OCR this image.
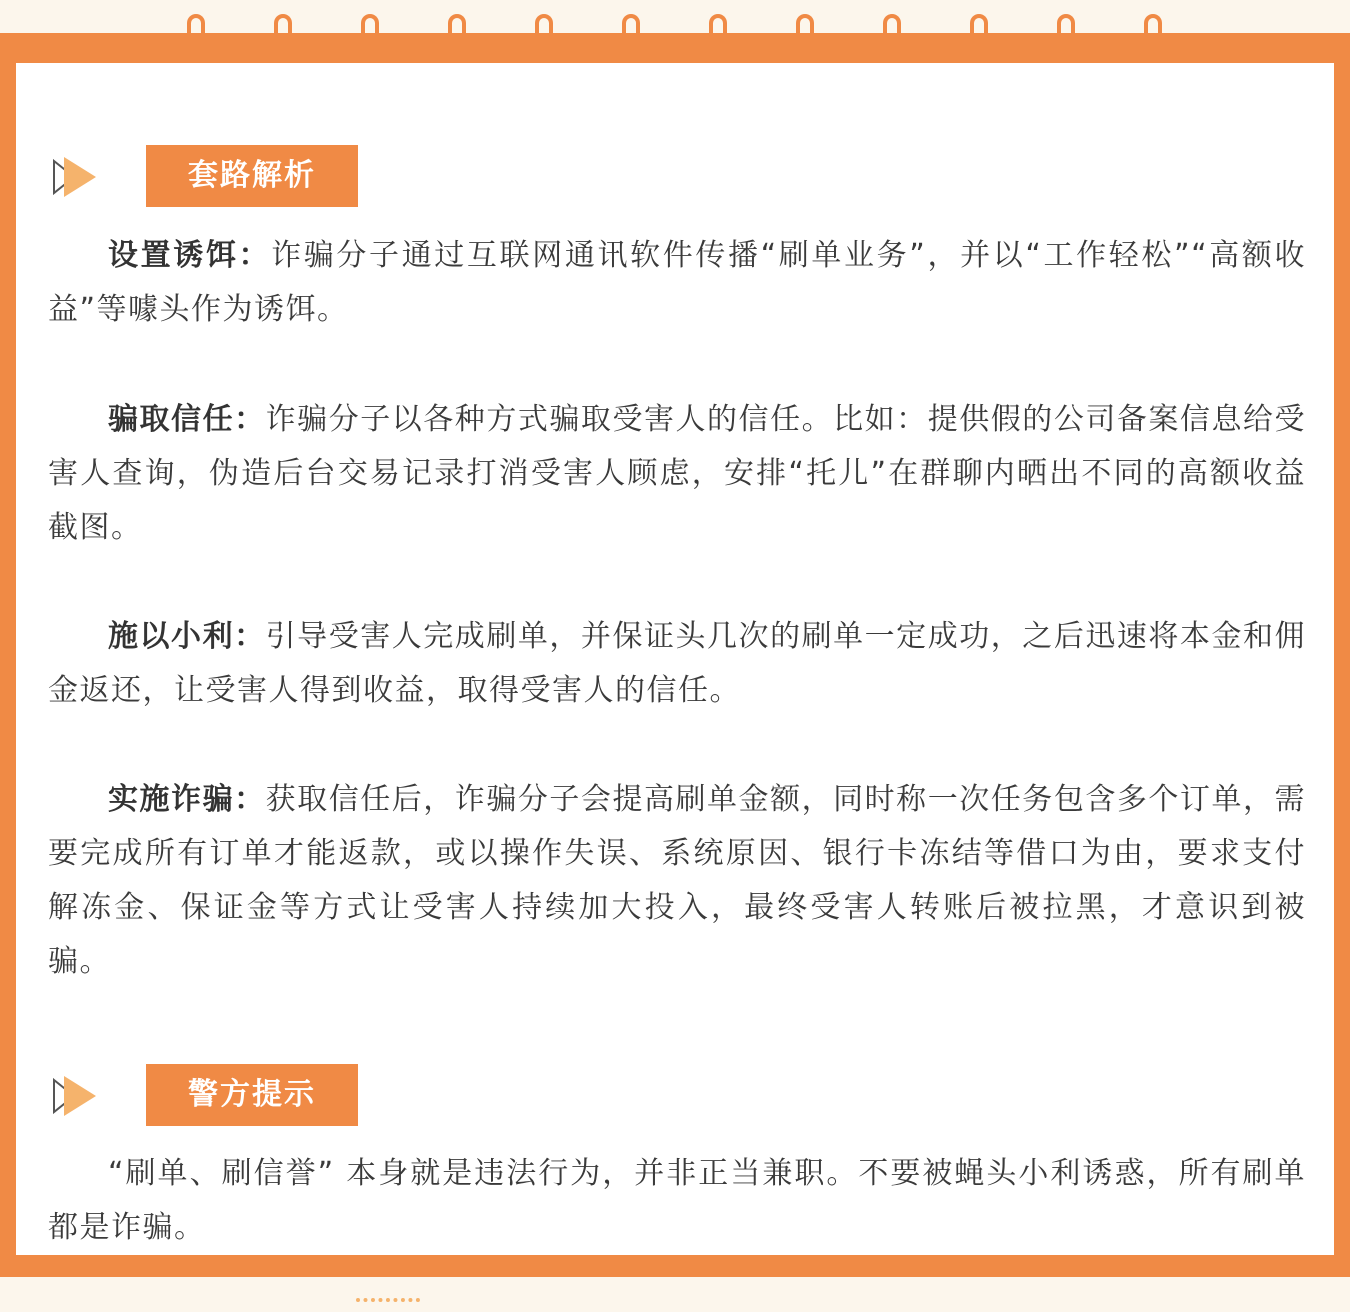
套路解析

设置诱饵：诈骗分子通过互联网通讯软件传播“刷单业务”，并以“工作轻松”“高额收益”等噱头作为诱饵。

骗取信任：诈骗分子以各种方式骗取受害人的信任。比如：提供假的公司备案信息给受害人查询，伪造后台交易记录打消受害人顾虑，安排“托儿”在群聊内晒出不同的高额收益截图。

施以小利：引导受害人完成刷单，并保证头几次的刷单一定成功，之后迅速将本金和佣金返还，让受害人得到收益，取得受害人的信任。

实施诈骗：获取信任后，诈骗分子会提高刷单金额，同时称一次任务包含多个订单，需要完成所有订单才能返款，或以操作失误、系统原因、银行卡冻结等借口为由，要求支付解冻金、保证金等方式让受害人持续加大投入，最终受害人转账后被拉黑，才意识到被骗。

警方提示

“刷单、刷信誉” 本身就是违法行为，并非正当兼职。不要被蝇头小利诱惑，所有刷单都是诈骗。
